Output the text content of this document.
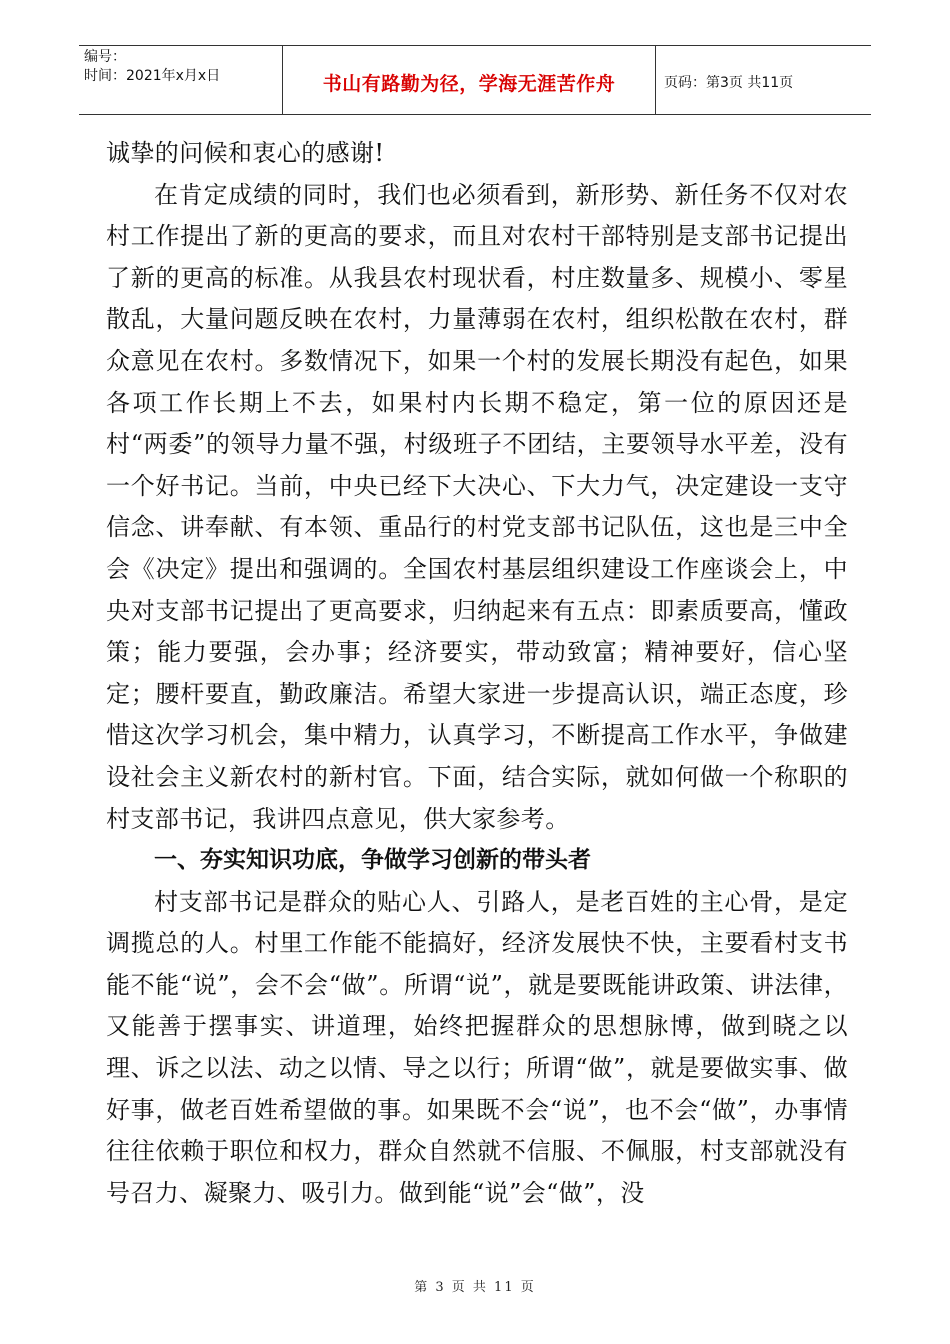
编号：
时间：2021年x月x日	书山有路勤为径，学海无涯苦作舟	页码：第3页 共11页

诚挚的问候和衷心的感谢!

在肯定成绩的同时，我们也必须看到，新形势、新任务不仅对农村工作提出了新的更高的要求，而且对农村干部特别是支部书记提出了新的更高的标准。从我县农村现状看，村庄数量多、规模小、零星散乱，大量问题反映在农村，力量薄弱在农村，组织松散在农村，群众意见在农村。多数情况下，如果一个村的发展长期没有起色，如果各项工作长期上不去，如果村内长期不稳定，第一位的原因还是村“两委”的领导力量不强，村级班子不团结，主要领导水平差，没有一个好书记。当前，中央已经下大决心、下大力气，决定建设一支守信念、讲奉献、有本领、重品行的村党支部书记队伍，这也是三中全会《决定》提出和强调的。全国农村基层组织建设工作座谈会上，中央对支部书记提出了更高要求，归纳起来有五点：即素质要高，懂政策；能力要强，会办事；经济要实，带动致富；精神要好，信心坚定；腰杆要直，勤政廉洁。希望大家进一步提高认识，端正态度，珍惜这次学习机会，集中精力，认真学习，不断提高工作水平，争做建设社会主义新农村的新村官。下面，结合实际，就如何做一个称职的村支部书记，我讲四点意见，供大家参考。

一、夯实知识功底，争做学习创新的带头者

村支部书记是群众的贴心人、引路人，是老百姓的主心骨，是定调揽总的人。村里工作能不能搞好，经济发展快不快，主要看村支书能不能“说”，会不会“做”。所谓“说”，就是要既能讲政策、讲法律，又能善于摆事实、讲道理，始终把握群众的思想脉博，做到晓之以理、诉之以法、动之以情、导之以行；所谓“做”，就是要做实事、做好事，做老百姓希望做的事。如果既不会“说”，也不会“做”，办事情往往依赖于职位和权力，群众自然就不信服、不佩服，村支部就没有号召力、凝聚力、吸引力。做到能“说”会“做”，没

第 3 页 共 11 页
